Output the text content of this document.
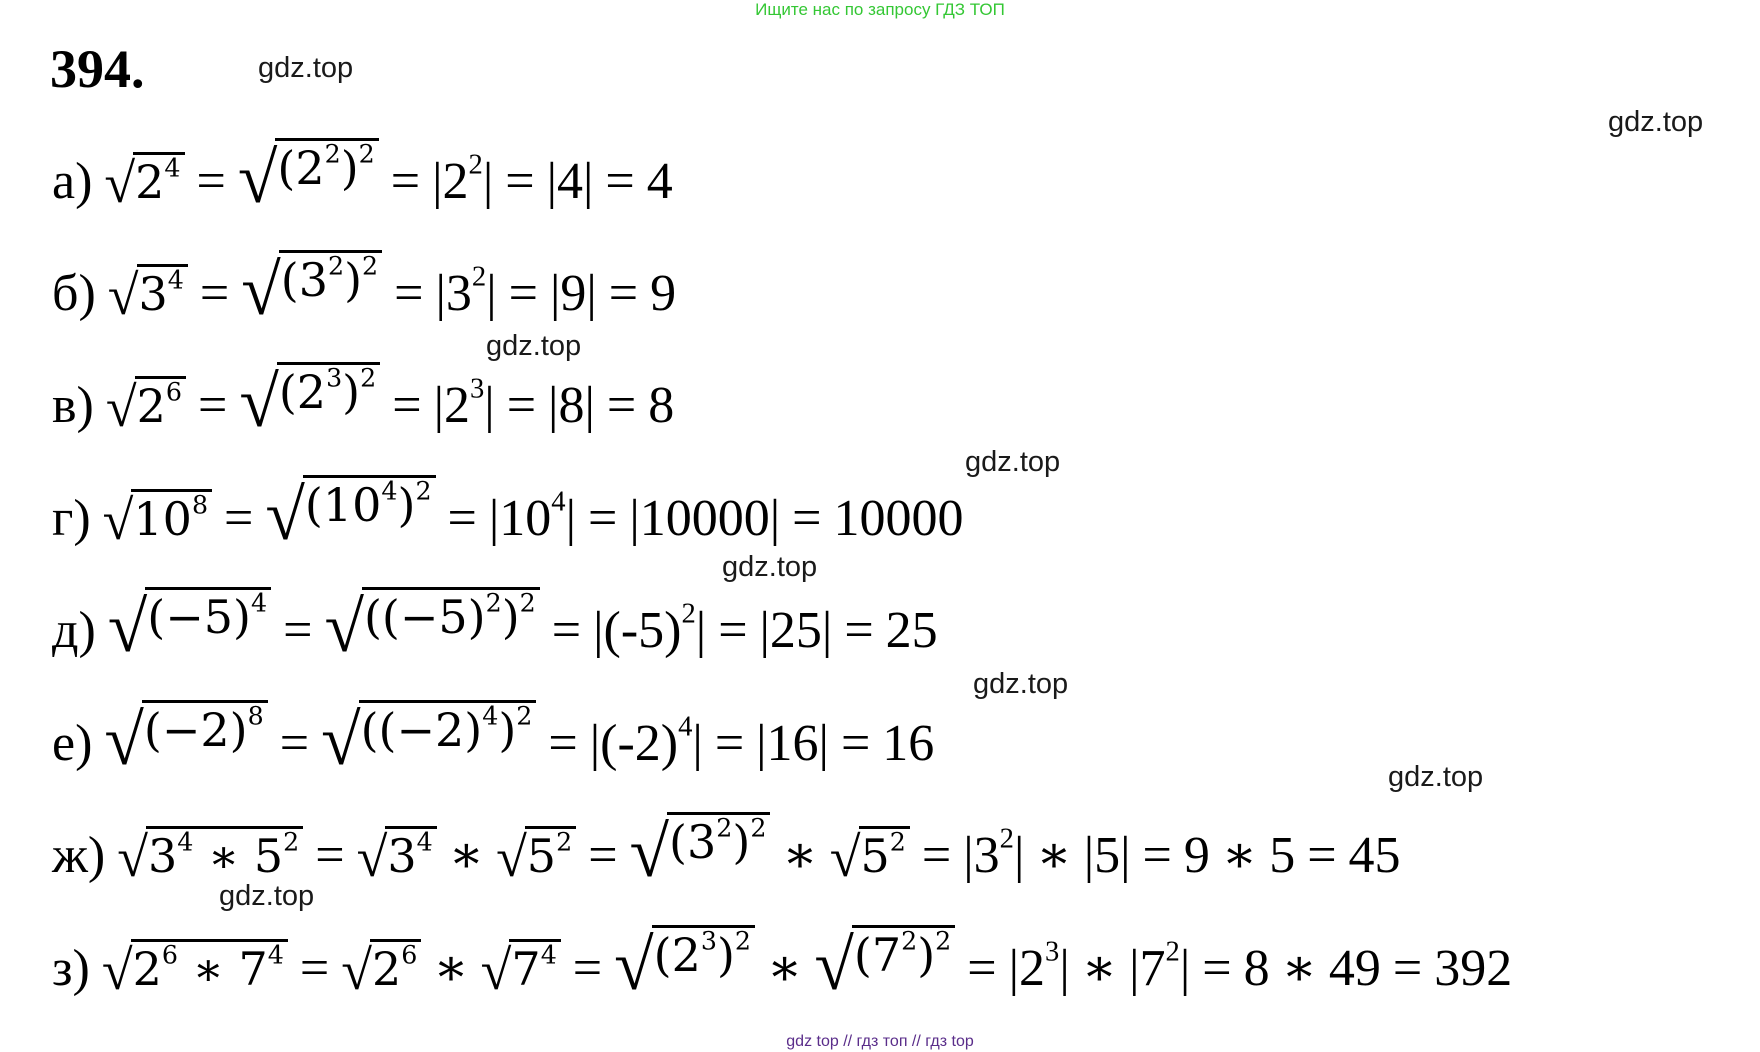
Ищите нас по запросу ГДЗ ТОП
394.	gdz.top
gdz.top
gdz.top
gdz.top
gdz.top
gdz.top
gdz.top
gdz.top
а) √ $2^4$ = √ $(2^2)^2 = |2^2| = |4| = 4$
б) √ $3^4$ = √ $(3^2)^2 = |3^2| = |9| = 9$
в) √ $2^6$ = √ $(2^3)^2 = |2^3| = |8| = 8$
г) √ $10^8$ = √ $(10^4)^2 = |10^4| = |10000| = 10000$
д) √ $(-5)^4$ = √ $((-5)^2)^2 = |(-5)^2| = |25| = 25$
е) √ $(-2)^8$ = √ $((-2)^4)^2 = |(-2)^4| = |16| = 16$
ж) √ $3^4$ ∗ $5^2$ = √ $3^4$ ∗ √ $5^2$ = √ $(3^2)^2$ ∗ √ $5^2 = |3^2|$ ∗ |5| = 9 ∗ 5 = 45
з) √ $2^6$ ∗ $7^4$ = √ $2^6$ ∗ √ $7^4$ = √ $(2^3)^2$ ∗ √ $(7^2)^2 = |2^3|$ ∗ $|7^2| = 8$ ∗ 49 = 392
gdz top // гдз топ // гдз top
